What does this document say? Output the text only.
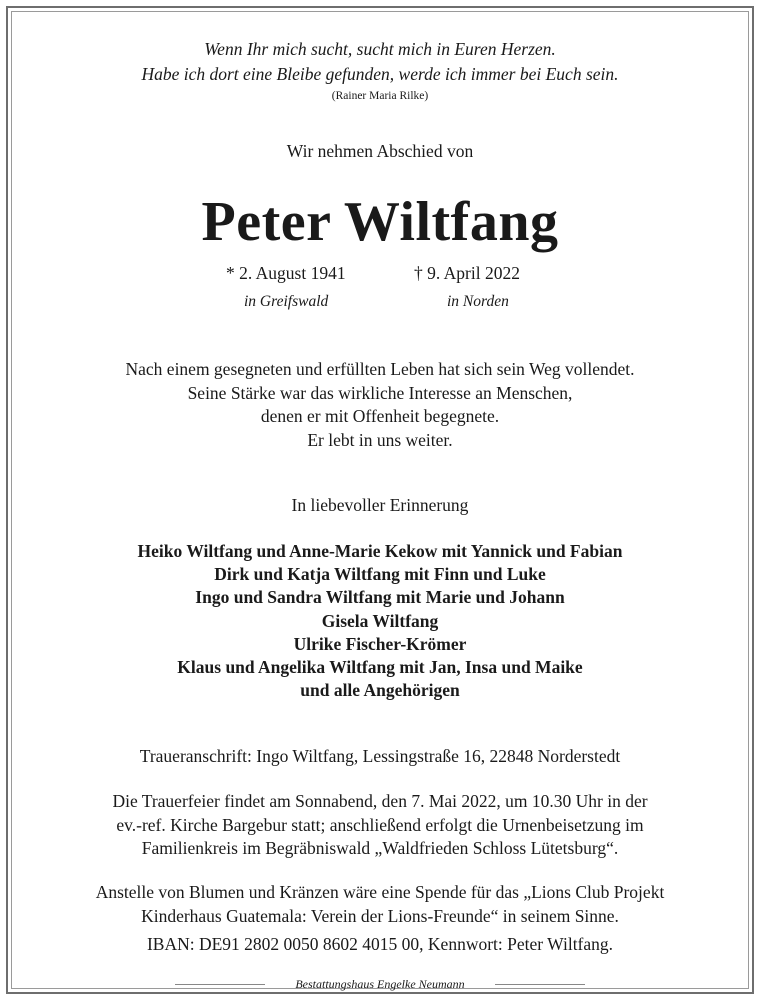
Wenn Ihr mich sucht, sucht mich in Euren Herzen.
Habe ich dort eine Bleibe gefunden, werde ich immer bei Euch sein.
(Rainer Maria Rilke)
Wir nehmen Abschied von
Peter Wiltfang
* 2. August 1941	† 9. April 2022
in Greifswald	in Norden
Nach einem gesegneten und erfüllten Leben hat sich sein Weg vollendet.
Seine Stärke war das wirkliche Interesse an Menschen,
denen er mit Offenheit begegnete.
Er lebt in uns weiter.
In liebevoller Erinnerung
Heiko Wiltfang und Anne-Marie Kekow mit Yannick und Fabian
Dirk und Katja Wiltfang mit Finn und Luke
Ingo und Sandra Wiltfang mit Marie und Johann
Gisela Wiltfang
Ulrike Fischer-Krömer
Klaus und Angelika Wiltfang mit Jan, Insa und Maike
und alle Angehörigen
Traueranschrift: Ingo Wiltfang, Lessingstraße 16, 22848 Norderstedt
Die Trauerfeier findet am Sonnabend, den 7. Mai 2022, um 10.30 Uhr in der
ev.-ref. Kirche Bargebur statt; anschließend erfolgt die Urnenbeisetzung im
Familienkreis im Begräbniswald „Waldfrieden Schloss Lütetsburg“.
Anstelle von Blumen und Kränzen wäre eine Spende für das „Lions Club Projekt
Kinderhaus Guatemala: Verein der Lions-Freunde“ in seinem Sinne.
IBAN: DE91 2802 0050 8602 4015 00, Kennwort: Peter Wiltfang.
Bestattungshaus Engelke Neumann
